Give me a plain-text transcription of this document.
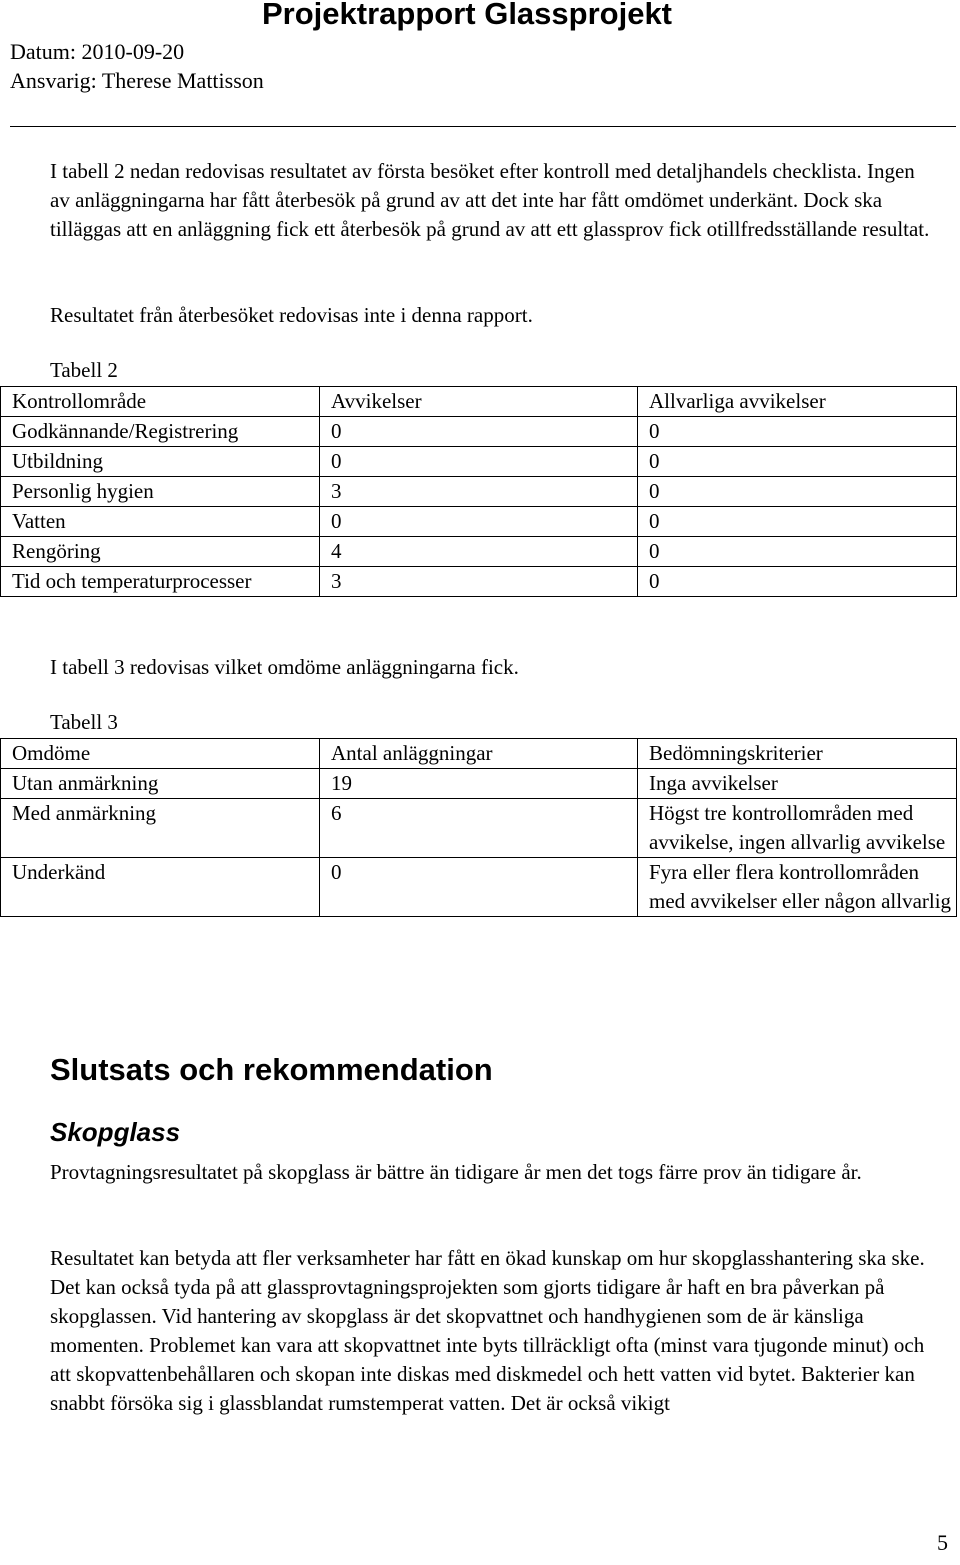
Projektrapport Glassprojekt
Datum: 2010-09-20
Ansvarig: Therese Mattisson
I tabell 2 nedan redovisas resultatet av första besöket efter kontroll med detaljhandels checklista. Ingen av anläggningarna har fått återbesök på grund av att det inte har fått omdömet underkänt. Dock ska tilläggas att en anläggning fick ett återbesök på grund av att ett glassprov fick otillfredsställande resultat.
Resultatet från återbesöket redovisas inte i denna rapport.
Tabell 2
Kontrollområde	Avvikelser	Allvarliga avvikelser
Godkännande/Registrering	0	0
Utbildning	0	0
Personlig hygien	3	0
Vatten	0	0
Rengöring	4	0
Tid och temperaturprocesser	3	0
I tabell 3 redovisas vilket omdöme anläggningarna fick.
Tabell 3
Omdöme	Antal anläggningar	Bedömningskriterier
Utan anmärkning	19	Inga avvikelser
Med anmärkning	6	Högst tre kontrollområden med avvikelse, ingen allvarlig avvikelse
Underkänd	0	Fyra eller flera kontrollområden med avvikelser eller någon allvarlig
Slutsats och rekommendation
Skopglass
Provtagningsresultatet på skopglass är bättre än tidigare år men det togs färre prov än tidigare år.
Resultatet kan betyda att fler verksamheter har fått en ökad kunskap om hur skopglasshantering ska ske. Det kan också tyda på att glassprovtagningsprojekten som gjorts tidigare år haft en bra påverkan på skopglassen. Vid hantering av skopglass är det skopvattnet och handhygienen som de är känsliga momenten. Problemet kan vara att skopvattnet inte byts tillräckligt ofta (minst vara tjugonde minut) och att skopvattenbehållaren och skopan inte diskas med diskmedel och hett vatten vid bytet. Bakterier kan snabbt försöka sig i glassblandat rumstemperat vatten. Det är också vikigt
5
